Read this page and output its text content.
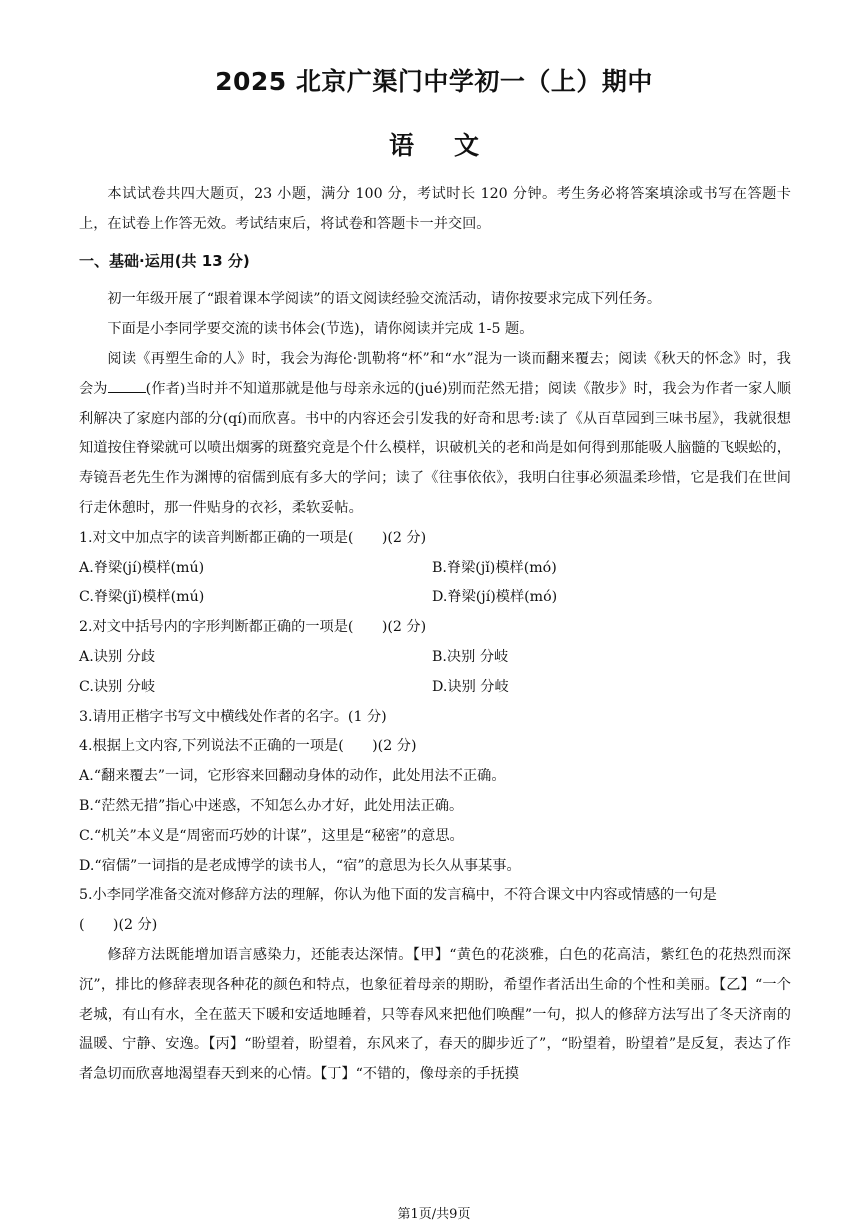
2025 北京广渠门中学初一（上）期中
语文

本试试卷共四大题页，23 小题，满分 100 分，考试时长 120 分钟。考生务必将答案填涂或书写在答题卡上，在试卷上作答无效。考试结束后，将试卷和答题卡一并交回。

一、基础·运用(共 13 分)

初一年级开展了“跟着课本学阅读”的语文阅读经验交流活动，请你按要求完成下列任务。

下面是小李同学要交流的读书体会(节选)，请你阅读并完成 1-5 题。

阅读《再塑生命的人》时，我会为海伦·凯勒将“杯”和“水”混为一谈而翻来覆去；阅读《秋天的怀念》时，我会为	(作者)当时并不知道那就是他与母亲永远的(jué)别而茫然无措；阅读《散步》时，我会为作者一家人顺利解决了家庭内部的分(qí)而欣喜。书中的内容还会引发我的好奇和思考:读了《从百草园到三味书屋》，我就很想知道按住脊梁就可以喷出烟雾的斑蝥究竟是个什么模样，识破机关的老和尚是如何得到那能吸人脑髓的飞蜈蚣的，寿镜吾老先生作为渊博的宿儒到底有多大的学问；读了《往事依依》，我明白往事必须温柔珍惜，它是我们在世间行走休憩时，那一件贴身的衣衫，柔软妥帖。

1.对文中加点字的读音判断都正确的一项是(　　)(2 分)

A.脊梁(jí)模样(mú)	B.脊梁(jǐ)模样(mó)
C.脊梁(jǐ)模样(mú)	D.脊梁(jí)模样(mó)

2.对文中括号内的字形判断都正确的一项是(　　)(2 分)

A.诀别 分歧	B.决别 分岐
C.诀别 分岐	D.诀别 分岐

3.请用正楷字书写文中横线处作者的名字。(1 分)

4.根据上文内容,下列说法不正确的一项是(　　)(2 分)

A.“翻来覆去”一词，它形容来回翻动身体的动作，此处用法不正确。

B.“茫然无措”指心中迷惑，不知怎么办才好，此处用法正确。

C.“机关”本义是“周密而巧妙的计谋”，这里是“秘密”的意思。

D.“宿儒”一词指的是老成博学的读书人，“宿”的意思为长久从事某事。

5.小李同学准备交流对修辞方法的理解，你认为他下面的发言稿中，不符合课文中内容或情感的一句是

(　　)(2 分)

修辞方法既能增加语言感染力，还能表达深情。【甲】“黄色的花淡雅，白色的花高洁，紫红色的花热烈而深沉”，排比的修辞表现各种花的颜色和特点，也象征着母亲的期盼，希望作者活出生命的个性和美丽。【乙】“一个老城，有山有水，全在蓝天下暖和安适地睡着，只等春风来把他们唤醒”一句，拟人的修辞方法写出了冬天济南的温暖、宁静、安逸。【丙】“盼望着，盼望着，东风来了，春天的脚步近了”，“盼望着，盼望着”是反复，表达了作者急切而欣喜地渴望春天到来的心情。【丁】“不错的，像母亲的手抚摸

第1页/共9页
